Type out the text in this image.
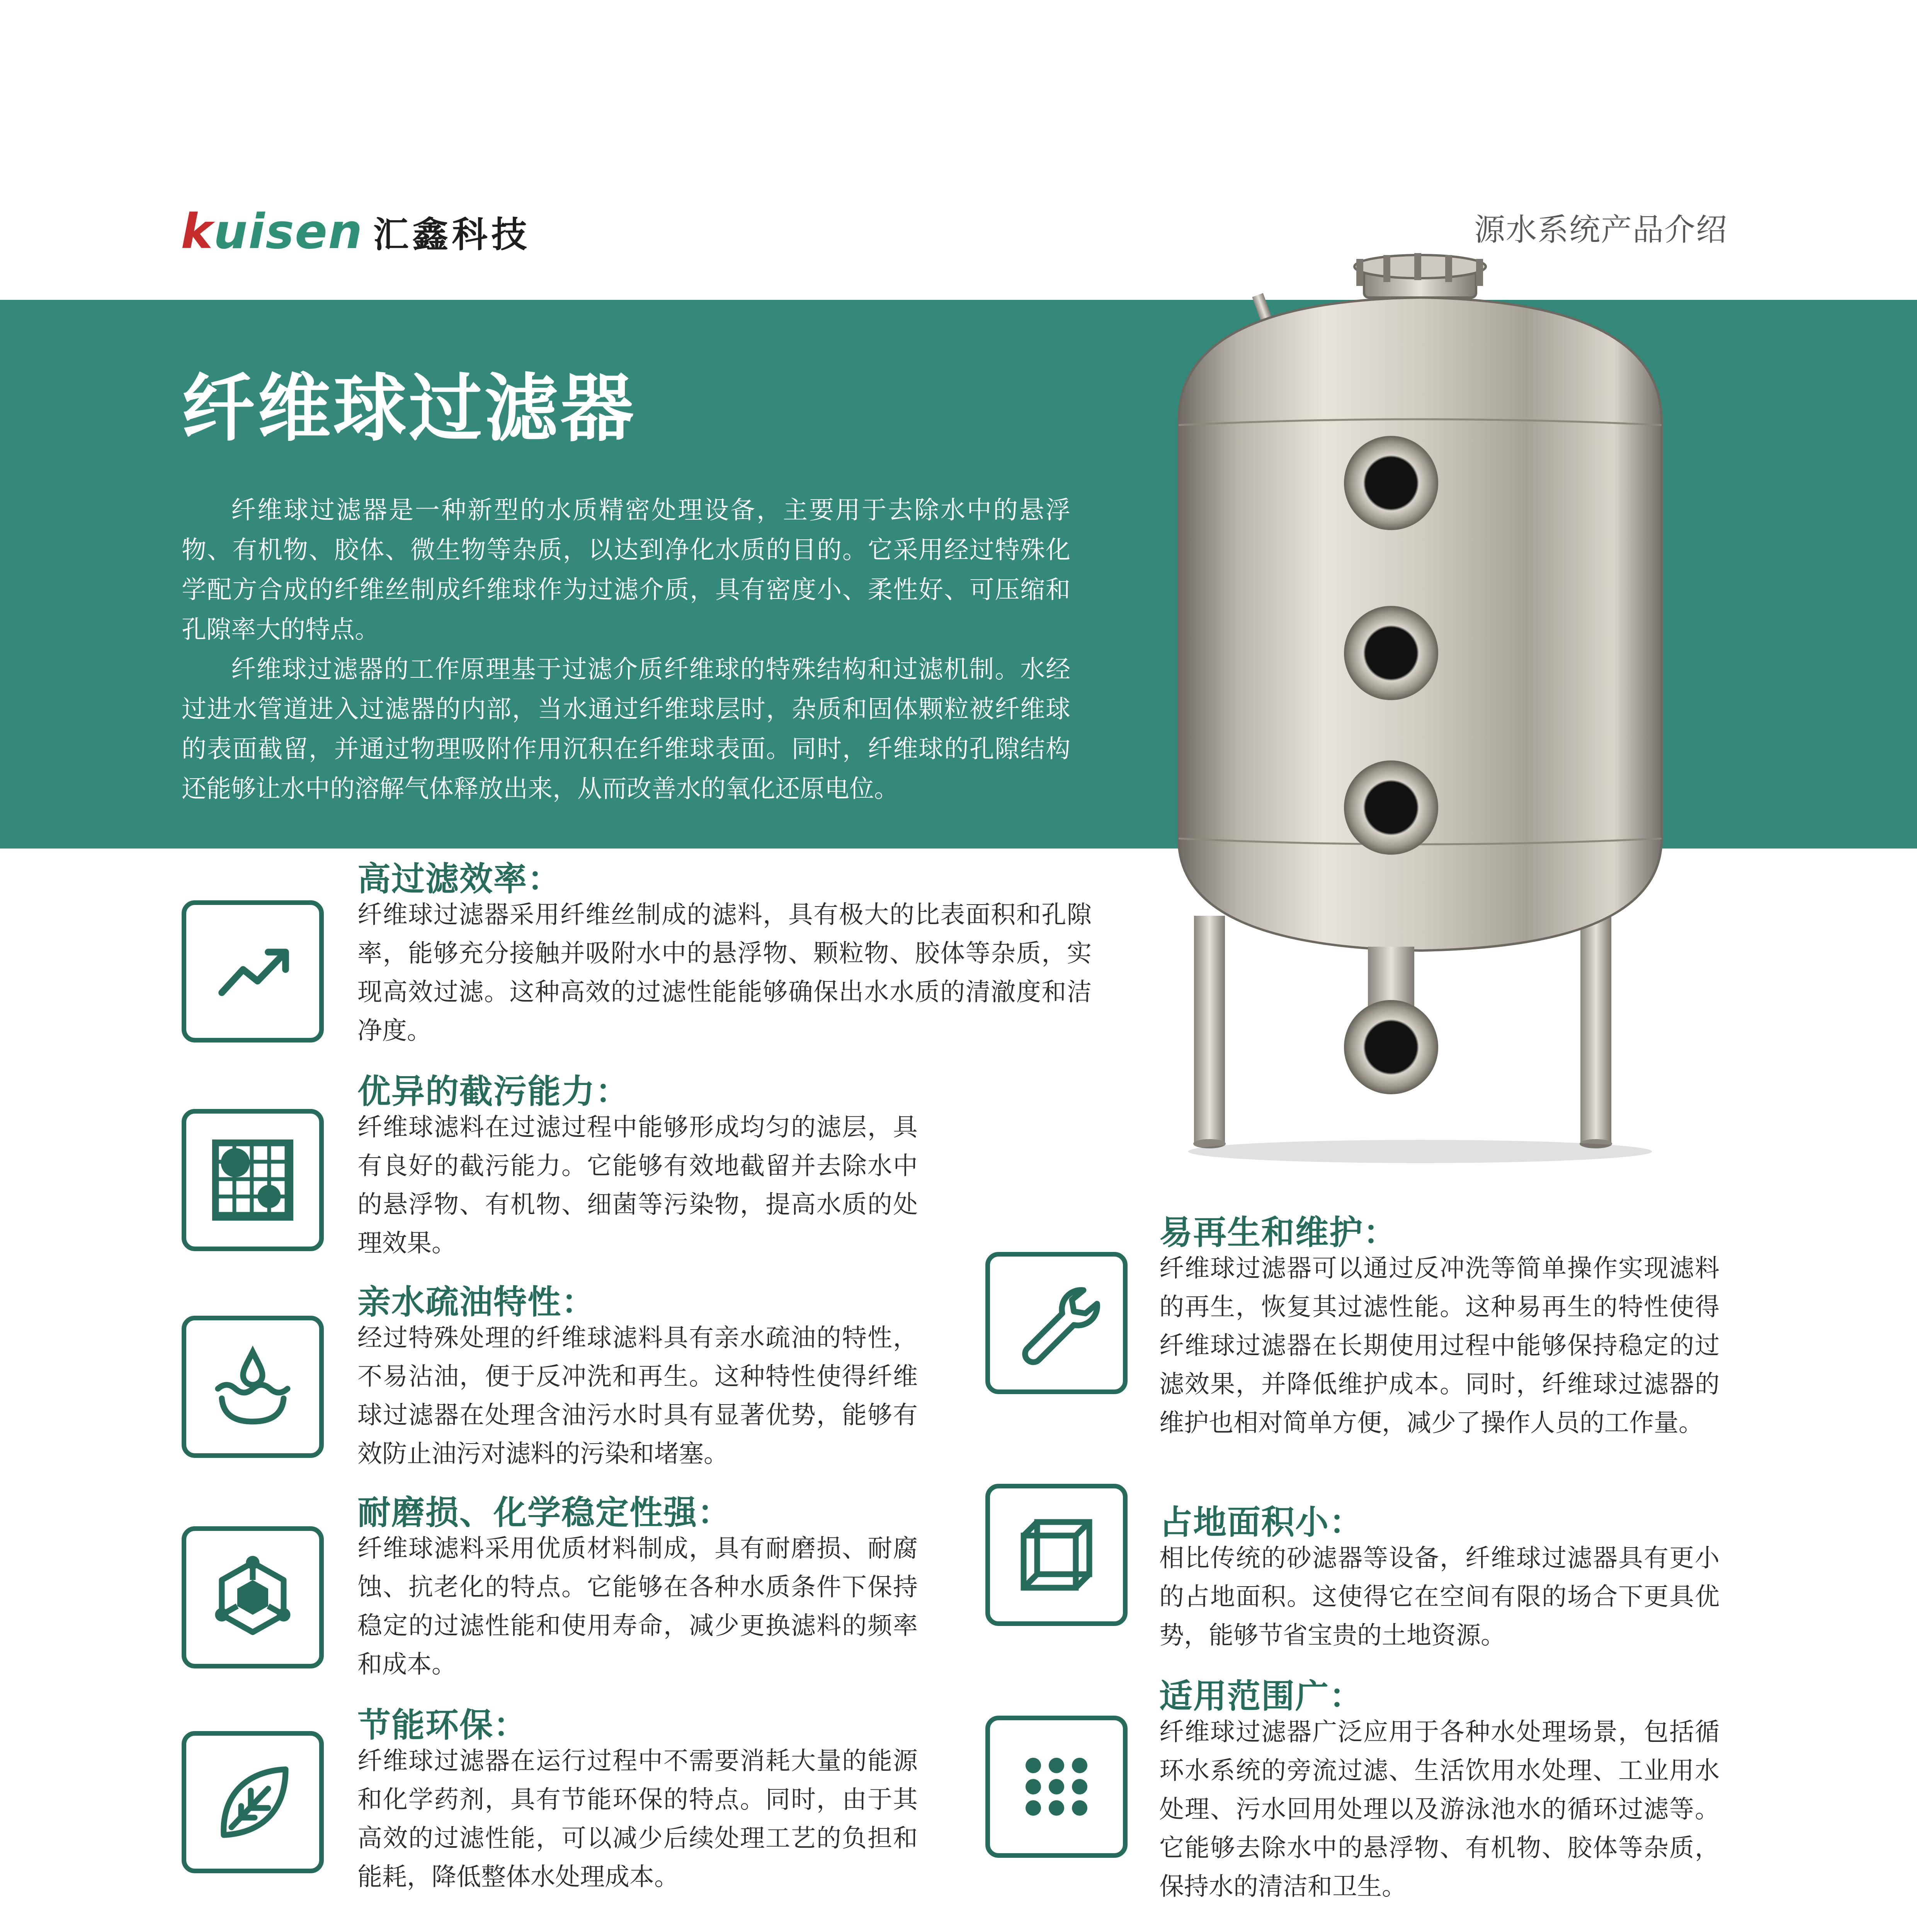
kuisen 汇鑫科技	源水系统产品介绍
纤维球过滤器

纤维球过滤器是一种新型的水质精密处理设备，主要用于去除水中的悬浮物、有机物、胶体、微生物等杂质，以达到净化水质的目的。它采用经过特殊化学配方合成的纤维丝制成纤维球作为过滤介质，具有密度小、柔性好、可压缩和孔隙率大的特点。

纤维球过滤器的工作原理基于过滤介质纤维球的特殊结构和过滤机制。水经过进水管道进入过滤器的内部，当水通过纤维球层时，杂质和固体颗粒被纤维球的表面截留，并通过物理吸附作用沉积在纤维球表面。同时，纤维球的孔隙结构还能够让水中的溶解气体释放出来，从而改善水的氧化还原电位。

高过滤效率：
纤维球过滤器采用纤维丝制成的滤料，具有极大的比表面积和孔隙率，能够充分接触并吸附水中的悬浮物、颗粒物、胶体等杂质，实现高效过滤。这种高效的过滤性能能够确保出水水质的清澈度和洁净度。
优异的截污能力：
纤维球滤料在过滤过程中能够形成均匀的滤层，具有良好的截污能力。它能够有效地截留并去除水中的悬浮物、有机物、细菌等污染物，提高水质的处理效果。
亲水疏油特性：
经过特殊处理的纤维球滤料具有亲水疏油的特性，不易沾油，便于反冲洗和再生。这种特性使得纤维球过滤器在处理含油污水时具有显著优势，能够有效防止油污对滤料的污染和堵塞。
耐磨损、化学稳定性强：
纤维球滤料采用优质材料制成，具有耐磨损、耐腐蚀、抗老化的特点。它能够在各种水质条件下保持稳定的过滤性能和使用寿命，减少更换滤料的频率和成本。
节能环保：
纤维球过滤器在运行过程中不需要消耗大量的能源和化学药剂，具有节能环保的特点。同时，由于其高效的过滤性能，可以减少后续处理工艺的负担和能耗，降低整体水处理成本。
易再生和维护：
纤维球过滤器可以通过反冲洗等简单操作实现滤料的再生，恢复其过滤性能。这种易再生的特性使得纤维球过滤器在长期使用过程中能够保持稳定的过滤效果，并降低维护成本。同时，纤维球过滤器的维护也相对简单方便，减少了操作人员的工作量。
占地面积小：
相比传统的砂滤器等设备，纤维球过滤器具有更小的占地面积。这使得它在空间有限的场合下更具优势，能够节省宝贵的土地资源。
适用范围广：
纤维球过滤器广泛应用于各种水处理场景，包括循环水系统的旁流过滤、生活饮用水处理、工业用水处理、污水回用处理以及游泳池水的循环过滤等。它能够去除水中的悬浮物、有机物、胶体等杂质，保持水的清洁和卫生。
